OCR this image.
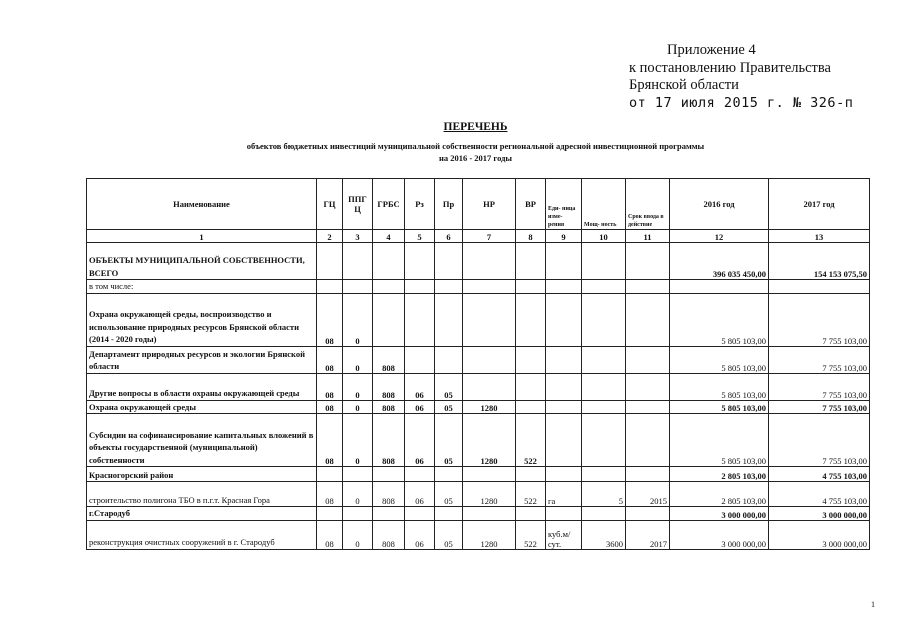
Приложение 4
к постановлению Правительства
Брянской области
от 17 июля 2015 г. № 326-п
ПЕРЕЧЕНЬ
объектов бюджетных инвестиций муниципальной собственности региональной адресной инвестиционной программы
на 2016 - 2017 годы
Наименование	ГЦ	ППГ Ц	ГРБС	Рз	Пр	НР	ВР	Еди- ница изме- рения	Мощ- ность	Срок ввода в действие	2016 год	2017 год
1	2	3	4	5	6	7	8	9	10	11	12	13
ОБЪЕКТЫ МУНИЦИПАЛЬНОЙ СОБСТВЕННОСТИ, ВСЕГО											396 035 450,00	154 153 075,50
в том числе:												
Охрана окружающей среды, воспроизводство и использование природных ресурсов Брянской области (2014 - 2020 годы)	08	0									5 805 103,00	7 755 103,00
Департамент природных ресурсов и экологии Брянской области	08	0	808								5 805 103,00	7 755 103,00
Другие вопросы в области охраны окружающей среды	08	0	808	06	05						5 805 103,00	7 755 103,00
Охрана окружающей среды	08	0	808	06	05	1280					5 805 103,00	7 755 103,00
Субсидии на софинансирование капитальных вложений в объекты государственной (муниципальной) собственности	08	0	808	06	05	1280	522				5 805 103,00	7 755 103,00
Красногорский район											2 805 103,00	4 755 103,00
строительство полигона ТБО в п.г.т. Красная Гора	08	0	808	06	05	1280	522	га	5	2015	2 805 103,00	4 755 103,00
г.Стародуб											3 000 000,00	3 000 000,00
реконструкция очистных сооружений в г. Стародуб	08	0	808	06	05	1280	522	куб.м/сут.	3600	2017	3 000 000,00	3 000 000,00
1
